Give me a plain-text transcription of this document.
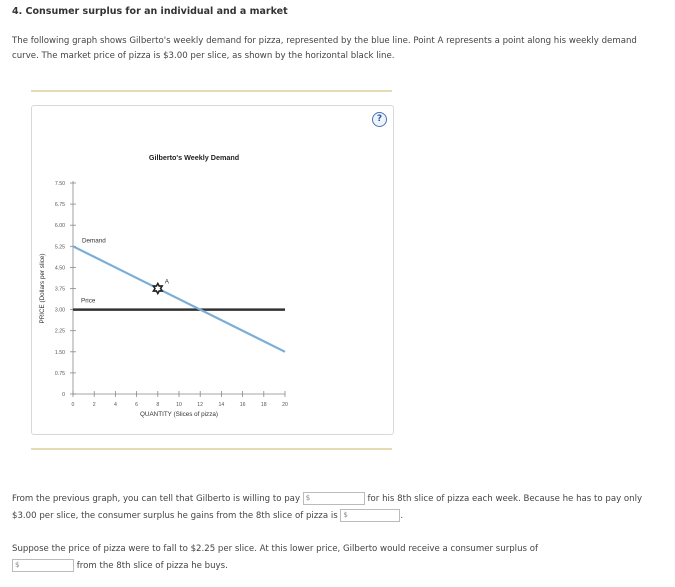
4. Consumer surplus for an individual and a market
The following graph shows Gilberto's weekly demand for pizza, represented by the blue line. Point A represents a point along his weekly demand curve. The market price of pizza is $3.00 per slice, as shown by the horizontal black line.
?
Gilberto's Weekly Demand
7.50
6.75
6.00
5.25
4.50
3.75
3.00
2.25
1.50
0.75
0
0	2	4	6	8	10	12	14	16	18	20
QUANTITY (Slices of pizza)
PRICE (Dollars per slice)	Price
Demand
A
From the previous graph, you can tell that Gilberto is willing to pay $	for his 8th slice of pizza each week. Because he has to pay only $3.00 per slice, the consumer surplus he gains from the 8th slice of pizza is $	.
Suppose the price of pizza were to fall to $2.25 per slice. At this lower price, Gilberto would receive a consumer surplus of
$	from the 8th slice of pizza he buys.
